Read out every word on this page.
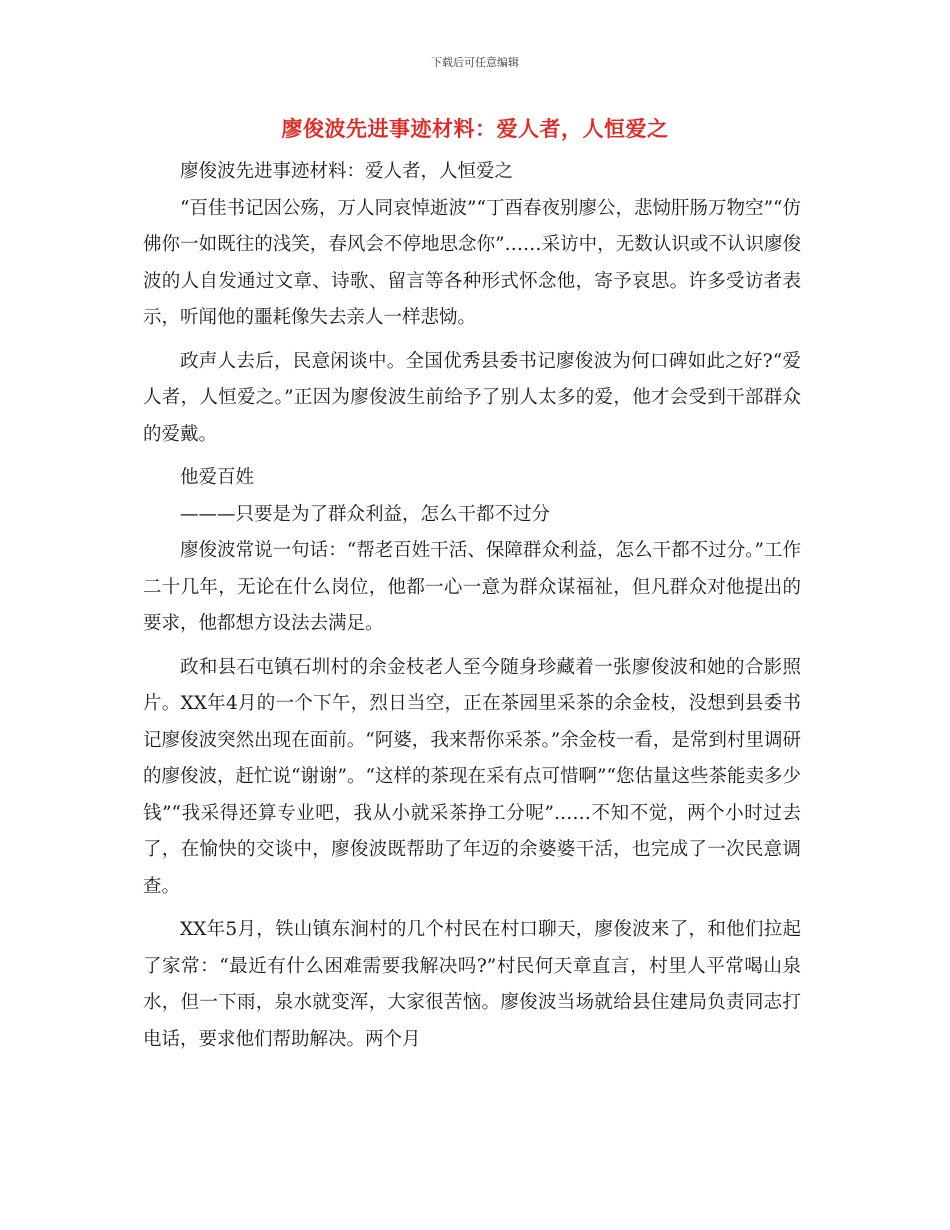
下载后可任意编辑
廖俊波先进事迹材料：爱人者，人恒爱之

廖俊波先进事迹材料：爱人者，人恒爱之

“百佳书记因公殇，万人同哀悼逝波”“丁酉春夜别廖公，悲恸肝肠万物空”“仿佛你一如既往的浅笑，春风会不停地思念你”……采访中，无数认识或不认识廖俊波的人自发通过文章、诗歌、留言等各种形式怀念他，寄予哀思。许多受访者表示，听闻他的噩耗像失去亲人一样悲恸。

政声人去后，民意闲谈中。全国优秀县委书记廖俊波为何口碑如此之好?“爱人者，人恒爱之。”正因为廖俊波生前给予了别人太多的爱，他才会受到干部群众的爱戴。

他爱百姓

———只要是为了群众利益，怎么干都不过分

廖俊波常说一句话：“帮老百姓干活、保障群众利益，怎么干都不过分。”工作二十几年，无论在什么岗位，他都一心一意为群众谋福祉，但凡群众对他提出的要求，他都想方设法去满足。

政和县石屯镇石圳村的余金枝老人至今随身珍藏着一张廖俊波和她的合影照片。XX年4月的一个下午，烈日当空，正在茶园里采茶的余金枝，没想到县委书记廖俊波突然出现在面前。“阿婆，我来帮你采茶。”余金枝一看，是常到村里调研的廖俊波，赶忙说“谢谢”。“这样的茶现在采有点可惜啊”“您估量这些茶能卖多少钱”“我采得还算专业吧，我从小就采茶挣工分呢”……不知不觉，两个小时过去了，在愉快的交谈中，廖俊波既帮助了年迈的余婆婆干活，也完成了一次民意调查。

XX年5月，铁山镇东涧村的几个村民在村口聊天，廖俊波来了，和他们拉起了家常：“最近有什么困难需要我解决吗?”村民何天章直言，村里人平常喝山泉水，但一下雨，泉水就变浑，大家很苦恼。廖俊波当场就给县住建局负责同志打电话，要求他们帮助解决。两个月
